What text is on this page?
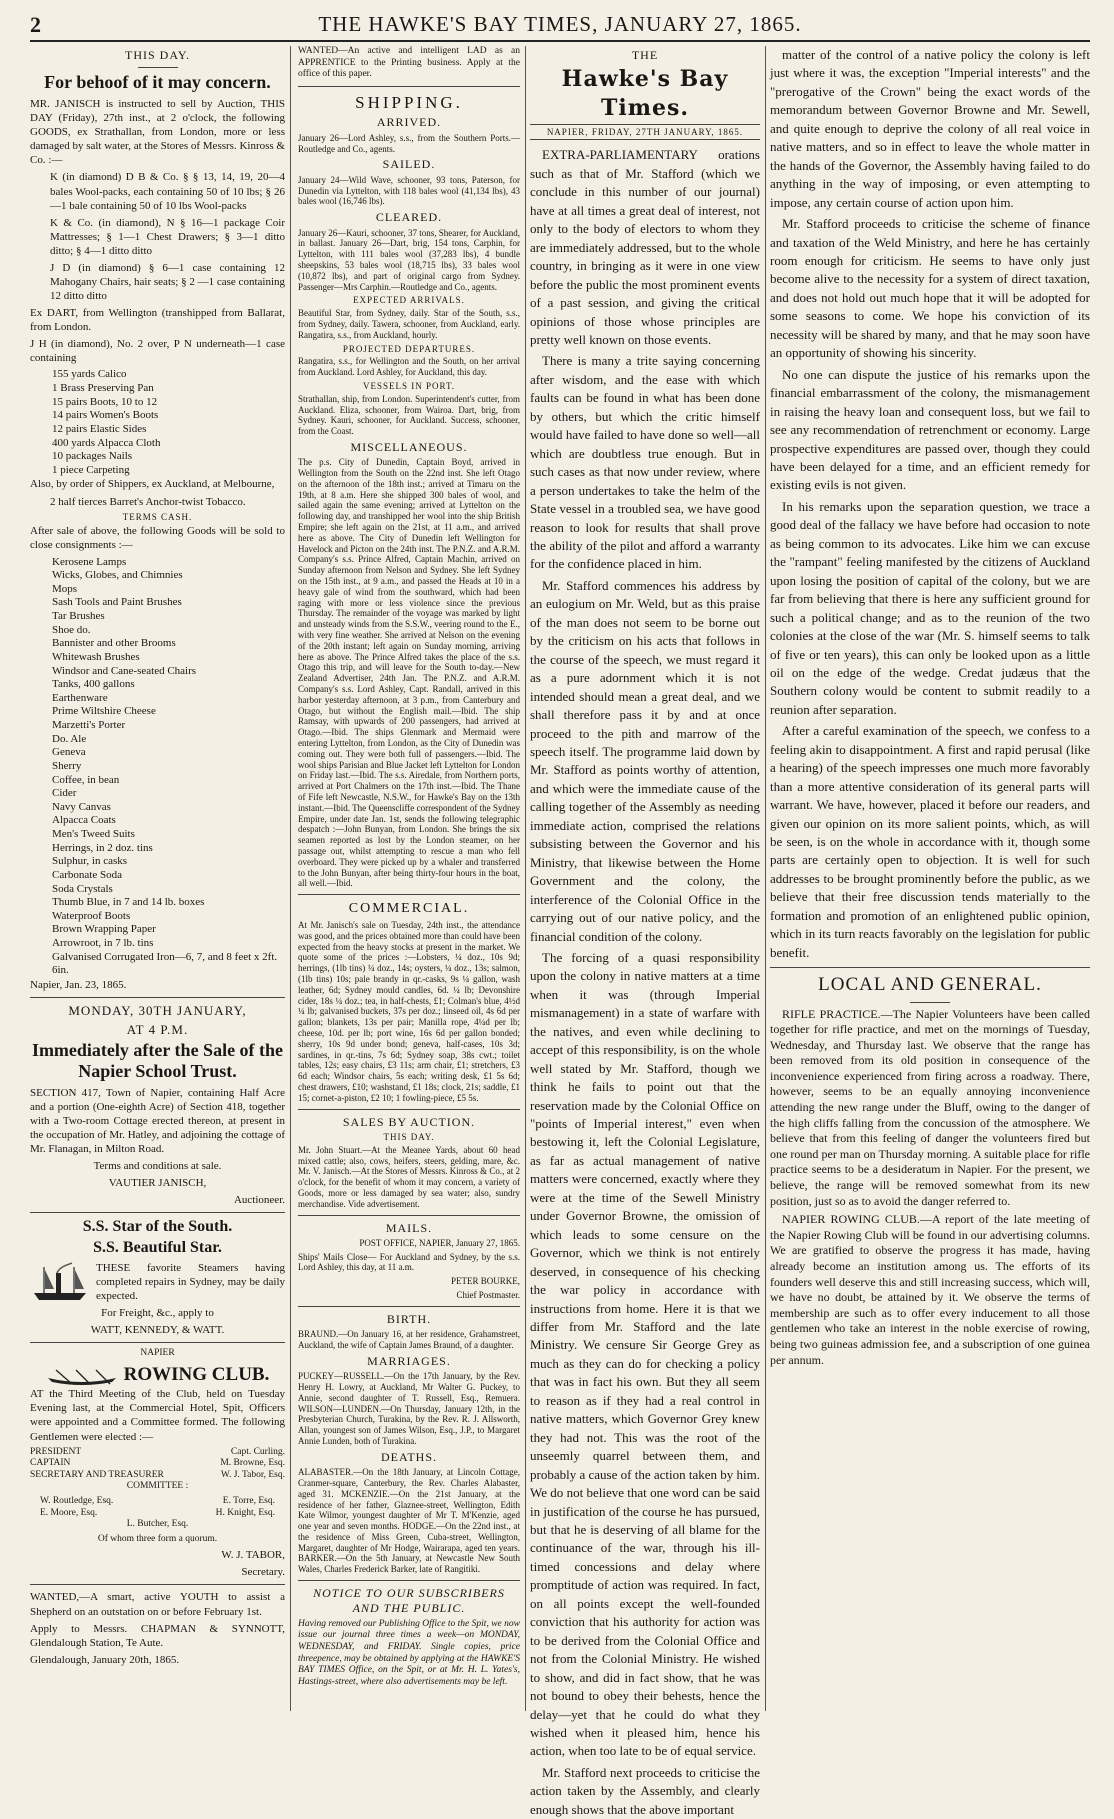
2	THE HAWKE'S BAY TIMES, JANUARY 27, 1865.
THIS DAY.
For behoof of it may concern.

MR. JANISCH is instructed to sell by Auction, THIS DAY (Friday), 27th inst., at 2 o'clock, the following GOODS, ex Strathallan, from London, more or less damaged by salt water, at the Stores of Messrs. Kinross & Co. :—

K (in diamond) D B & Co. § § 13, 14, 19, 20—4 bales Wool-packs, each containing 50 of 10 lbs; § 26—1 bale containing 50 of 10 lbs Wool-packs

K & Co. (in diamond), N § 16—1 package Coir Mattresses; § 1—1 Chest Drawers; § 3—1 ditto ditto; § 4—1 ditto ditto

J D (in diamond) § 6—1 case containing 12 Mahogany Chairs, hair seats; § 2 —1 case containing 12 ditto ditto

Ex DART, from Wellington (transhipped from Ballarat, from London.

J H (in diamond), No. 2 over, P N underneath—1 case containing

155 yards Calico
1 Brass Preserving Pan
15 pairs Boots, 10 to 12
14 pairs Women's Boots
12 pairs Elastic Sides
400 yards Alpacca Cloth
10 packages Nails
1 piece Carpeting

Also, by order of Shippers, ex Auckland, at Melbourne,

2 half tierces Barret's Anchor-twist Tobacco.

TERMS CASH.

After sale of above, the following Goods will be sold to close consignments :—

Kerosene Lamps
Wicks, Globes, and Chimnies
Mops
Sash Tools and Paint Brushes
Tar Brushes
Shoe do.
Bannister and other Brooms
Whitewash Brushes
Windsor and Cane-seated Chairs
Tanks, 400 gallons
Earthenware
Prime Wiltshire Cheese
Marzetti's Porter
Do. Ale
Geneva
Sherry
Coffee, in bean
Cider
Navy Canvas
Alpacca Coats
Men's Tweed Suits
Herrings, in 2 doz. tins
Sulphur, in casks
Carbonate Soda
Soda Crystals
Thumb Blue, in 7 and 14 lb. boxes
Waterproof Boots
Brown Wrapping Paper
Arrowroot, in 7 lb. tins
Galvanised Corrugated Iron—6, 7, and 8 feet x 2ft. 6in.

Napier, Jan. 23, 1865.

MONDAY, 30TH JANUARY,
AT 4 P.M.
Immediately after the Sale of the Napier School Trust.

SECTION 417, Town of Napier, containing Half Acre and a portion (One-eighth Acre) of Section 418, together with a Two-room Cottage erected thereon, at present in the occupation of Mr. Hatley, and adjoining the cottage of Mr. Flanagan, in Milton Road.

Terms and conditions at sale.

VAUTIER JANISCH,

Auctioneer.

S.S. Star of the South.
S.S. Beautiful Star.

THESE favorite Steamers having completed repairs in Sydney, may be daily expected.

For Freight, &c., apply to

WATT, KENNEDY, & WATT.

NAPIER

ROWING CLUB.

AT the Third Meeting of the Club, held on Tuesday Evening last, at the Commercial Hotel, Spit, Officers were appointed and a Committee formed. The following Gentlemen were elected :—

PRESIDENT	Capt. Curling.
CAPTAIN	M. Browne, Esq.
SECRETARY AND TREASURER	W. J. Tabor, Esq.

COMMITTEE :

W. Routledge, Esq.	E. Torre, Esq.
E. Moore, Esq.	H. Knight, Esq.

L. Butcher, Esq.

Of whom three form a quorum.

W. J. TABOR,

Secretary.

WANTED,—A smart, active YOUTH to assist a Shepherd on an outstation on or before February 1st.

Apply to Messrs. CHAPMAN & SYNNOTT, Glendalough Station, Te Aute.

Glendalough, January 20th, 1865.

WANTED—An active and intelligent LAD as an APPRENTICE to the Printing business. Apply at the office of this paper.

SHIPPING.
ARRIVED.

January 26—Lord Ashley, s.s., from the Southern Ports.—Routledge and Co., agents.

SAILED.

January 24—Wild Wave, schooner, 93 tons, Paterson, for Dunedin via Lyttelton, with 118 bales wool (41,134 lbs), 43 bales wool (16,746 lbs).

CLEARED.

January 26—Kauri, schooner, 37 tons, Shearer, for Auckland, in ballast. January 26—Dart, brig, 154 tons, Carphin, for Lyttelton, with 111 bales wool (37,283 lbs), 4 bundle sheepskins, 53 bales wool (18,715 lbs), 33 bales wool (10,872 lbs), and part of original cargo from Sydney. Passenger—Mrs Carphin.—Routledge and Co., agents.

EXPECTED ARRIVALS.

Beautiful Star, from Sydney, daily. Star of the South, s.s., from Sydney, daily. Tawera, schooner, from Auckland, early. Rangatira, s.s., from Auckland, hourly.

PROJECTED DEPARTURES.

Rangatira, s.s., for Wellington and the South, on her arrival from Auckland. Lord Ashley, for Auckland, this day.

VESSELS IN PORT.

Strathallan, ship, from London. Superintendent's cutter, from Auckland. Eliza, schooner, from Wairoa. Dart, brig, from Sydney. Kauri, schooner, for Auckland. Success, schooner, from the Coast.

MISCELLANEOUS.

The p.s. City of Dunedin, Captain Boyd, arrived in Wellington from the South on the 22nd inst. She left Otago on the afternoon of the 18th inst.; arrived at Timaru on the 19th, at 8 a.m. Here she shipped 300 bales of wool, and sailed again the same evening; arrived at Lyttelton on the following day, and transhipped her wool into the ship British Empire; she left again on the 21st, at 11 a.m., and arrived here as above. The City of Dunedin left Wellington for Havelock and Picton on the 24th inst. The P.N.Z. and A.R.M. Company's s.s. Prince Alfred, Captain Machin, arrived on Sunday afternoon from Nelson and Sydney. She left Sydney on the 15th inst., at 9 a.m., and passed the Heads at 10 in a heavy gale of wind from the southward, which had been raging with more or less violence since the previous Thursday. The remainder of the voyage was marked by light and unsteady winds from the S.S.W., veering round to the E., with very fine weather. She arrived at Nelson on the evening of the 20th instant; left again on Sunday morning, arriving here as above. The Prince Alfred takes the place of the s.s. Otago this trip, and will leave for the South to-day.—New Zealand Advertiser, 24th Jan. The P.N.Z. and A.R.M. Company's s.s. Lord Ashley, Capt. Randall, arrived in this harbor yesterday afternoon, at 3 p.m., from Canterbury and Otago, but without the English mail.—Ibid. The ship Ramsay, with upwards of 200 passengers, had arrived at Otago.—Ibid. The ships Glenmark and Mermaid were entering Lyttelton, from London, as the City of Dunedin was coming out. They were both full of passengers.—Ibid. The wool ships Parisian and Blue Jacket left Lyttelton for London on Friday last.—Ibid. The s.s. Airedale, from Northern ports, arrived at Port Chalmers on the 17th inst.—Ibid. The Thane of Fife left Newcastle, N.S.W., for Hawke's Bay on the 13th instant.—Ibid. The Queenscliffe correspondent of the Sydney Empire, under date Jan. 1st, sends the following telegraphic despatch :—John Bunyan, from London. She brings the six seamen reported as lost by the London steamer, on her passage out, whilst attempting to rescue a man who fell overboard. They were picked up by a whaler and transferred to the John Bunyan, after being thirty-four hours in the boat, all well.—Ibid.

COMMERCIAL.

At Mr. Janisch's sale on Tuesday, 24th inst., the attendance was good, and the prices obtained more than could have been expected from the heavy stocks at present in the market. We quote some of the prices :—Lobsters, ¼ doz., 10s 9d; herrings, (1lb tins) ¼ doz., 14s; oysters, ¼ doz., 13s; salmon, (1lb tins) 10s; pale brandy in qr.-casks, 9s ¼ gallon, wash leather, 6d; Sydney mould candles, 6d. ¼ lb; Devonshire cider, 18s ¼ doz.; tea, in half-chests, £1; Colman's blue, 4½d ¼ lb; galvanised buckets, 37s per doz.; linseed oil, 4s 6d per gallon; blankets, 13s per pair; Manilla rope, 4¼d per lb; cheese, 10d. per lb; port wine, 16s 6d per gallon bonded; sherry, 10s 9d under bond; geneva, half-cases, 10s 3d; sardines, in qr.-tins, 7s 6d; Sydney soap, 38s cwt.; toilet tables, 12s; easy chairs, £3 11s; arm chair, £1; stretchers, £3 6d each; Windsor chairs, 5s each; writing desk, £1 5s 6d; chest drawers, £10; washstand, £1 18s; clock, 21s; saddle, £1 15; cornet-a-piston, £2 10; 1 fowling-piece, £5 5s.

SALES BY AUCTION.
THIS DAY.

Mr. John Stuart.—At the Meanee Yards, about 60 head mixed cattle; also, cows, heifers, steers, gelding, mare, &c. Mr. V. Janisch.—At the Stores of Messrs. Kinross & Co., at 2 o'clock, for the benefit of whom it may concern, a variety of Goods, more or less damaged by sea water; also, sundry merchandise. Vide advertisement.

MAILS.

POST OFFICE, NAPIER, January 27, 1865.

Ships' Mails Close— For Auckland and Sydney, by the s.s. Lord Ashley, this day, at 11 a.m.

PETER BOURKE,

Chief Postmaster.

BIRTH.

BRAUND.—On January 16, at her residence, Grahamstreet, Auckland, the wife of Captain James Braund, of a daughter.

MARRIAGES.

PUCKEY—RUSSELL.—On the 17th January, by the Rev. Henry H. Lowry, at Auckland, Mr Walter G. Puckey, to Annie, second daughter of T. Russell, Esq., Remuera. WILSON—LUNDEN.—On Thursday, January 12th, in the Presbyterian Church, Turakina, by the Rev. R. J. Allsworth, Allan, youngest son of James Wilson, Esq., J.P., to Margaret Annie Lunden, both of Turakina.

DEATHS.

ALABASTER.—On the 18th January, at Lincoln Cottage, Cranmer-square, Canterbury, the Rev. Charles Alabaster, aged 31. MCKENZIE.—On the 21st January, at the residence of her father, Glaznee-street, Wellington, Edith Kate Wilmor, youngest daughter of Mr T. M'Kenzie, aged one year and seven months. HODGE.—On the 22nd inst., at the residence of Miss Green, Cuba-street, Wellington, Margaret, daughter of Mr Hodge, Wairarapa, aged ten years. BARKER.—On the 5th January, at Newcastle New South Wales, Charles Frederick Barker, late of Rangitiki.

NOTICE TO OUR SUBSCRIBERS AND THE PUBLIC.

Having removed our Publishing Office to the Spit, we now issue our journal three times a week—on MONDAY, WEDNESDAY, and FRIDAY. Single copies, price threepence, may be obtained by applying at the HAWKE'S BAY TIMES Office, on the Spit, or at Mr. H. L. Yates's, Hastings-street, where also advertisements may be left.

THE
Hawke's Bay Times.
NAPIER, FRIDAY, 27TH JANUARY, 1865.

EXTRA-PARLIAMENTARY orations such as that of Mr. Stafford (which we conclude in this number of our journal) have at all times a great deal of interest, not only to the body of electors to whom they are immediately addressed, but to the whole country, in bringing as it were in one view before the public the most prominent events of a past session, and giving the critical opinions of those whose principles are pretty well known on those events.

There is many a trite saying concerning after wisdom, and the ease with which faults can be found in what has been done by others, but which the critic himself would have failed to have done so well—all which are doubtless true enough. But in such cases as that now under review, where a person undertakes to take the helm of the State vessel in a troubled sea, we have good reason to look for results that shall prove the ability of the pilot and afford a warranty for the confidence placed in him.

Mr. Stafford commences his address by an eulogium on Mr. Weld, but as this praise of the man does not seem to be borne out by the criticism on his acts that follows in the course of the speech, we must regard it as a pure adornment which it is not intended should mean a great deal, and we shall therefore pass it by and at once proceed to the pith and marrow of the speech itself. The programme laid down by Mr. Stafford as points worthy of attention, and which were the immediate cause of the calling together of the Assembly as needing immediate action, comprised the relations subsisting between the Governor and his Ministry, that likewise between the Home Government and the colony, the interference of the Colonial Office in the carrying out of our native policy, and the financial condition of the colony.

The forcing of a quasi responsibility upon the colony in native matters at a time when it was (through Imperial mismanagement) in a state of warfare with the natives, and even while declining to accept of this responsibility, is on the whole well stated by Mr. Stafford, though we think he fails to point out that the reservation made by the Colonial Office on "points of Imperial interest," even when bestowing it, left the Colonial Legislature, as far as actual management of native matters were concerned, exactly where they were at the time of the Sewell Ministry under Governor Browne, the omission of which leads to some censure on the Governor, which we think is not entirely deserved, in consequence of his checking the war policy in accordance with instructions from home. Here it is that we differ from Mr. Stafford and the late Ministry. We censure Sir George Grey as much as they can do for checking a policy that was in fact his own. But they all seem to reason as if they had a real control in native matters, which Governor Grey knew they had not. This was the root of the unseemly quarrel between them, and probably a cause of the action taken by him. We do not believe that one word can be said in justification of the course he has pursued, but that he is deserving of all blame for the continuance of the war, through his ill-timed concessions and delay where promptitude of action was required. In fact, on all points except the well-founded conviction that his authority for action was to be derived from the Colonial Office and not from the Colonial Ministry. He wished to show, and did in fact show, that he was not bound to obey their behests, hence the delay—yet that he could do what they wished when it pleased him, hence his action, when too late to be of equal service.

Mr. Stafford next proceeds to criticise the action taken by the Assembly, and clearly enough shows that the above important

matter of the control of a native policy the colony is left just where it was, the exception "Imperial interests" and the "prerogative of the Crown" being the exact words of the memorandum between Governor Browne and Mr. Sewell, and quite enough to deprive the colony of all real voice in native matters, and so in effect to leave the whole matter in the hands of the Governor, the Assembly having failed to do anything in the way of imposing, or even attempting to impose, any certain course of action upon him.

Mr. Stafford proceeds to criticise the scheme of finance and taxation of the Weld Ministry, and here he has certainly room enough for criticism. He seems to have only just become alive to the necessity for a system of direct taxation, and does not hold out much hope that it will be adopted for some seasons to come. We hope his conviction of its necessity will be shared by many, and that he may soon have an opportunity of showing his sincerity.

No one can dispute the justice of his remarks upon the financial embarrassment of the colony, the mismanagement in raising the heavy loan and consequent loss, but we fail to see any recommendation of retrenchment or economy. Large prospective expenditures are passed over, though they could have been delayed for a time, and an efficient remedy for existing evils is not given.

In his remarks upon the separation question, we trace a good deal of the fallacy we have before had occasion to note as being common to its advocates. Like him we can excuse the "rampant" feeling manifested by the citizens of Auckland upon losing the position of capital of the colony, but we are far from believing that there is here any sufficient ground for such a political change; and as to the reunion of the two colonies at the close of the war (Mr. S. himself seems to talk of five or ten years), this can only be looked upon as a little oil on the edge of the wedge. Credat judæus that the Southern colony would be content to submit readily to a reunion after separation.

After a careful examination of the speech, we confess to a feeling akin to disappointment. A first and rapid perusal (like a hearing) of the speech impresses one much more favorably than a more attentive consideration of its general parts will warrant. We have, however, placed it before our readers, and given our opinion on its more salient points, which, as will be seen, is on the whole in accordance with it, though some parts are certainly open to objection. It is well for such addresses to be brought prominently before the public, as we believe that their free discussion tends materially to the formation and promotion of an enlightened public opinion, which in its turn reacts favorably on the legislation for public benefit.

LOCAL AND GENERAL.

RIFLE PRACTICE.—The Napier Volunteers have been called together for rifle practice, and met on the mornings of Tuesday, Wednesday, and Thursday last. We observe that the range has been removed from its old position in consequence of the inconvenience experienced from firing across a roadway. There, however, seems to be an equally annoying inconvenience attending the new range under the Bluff, owing to the danger of the high cliffs falling from the concussion of the atmosphere. We believe that from this feeling of danger the volunteers fired but one round per man on Thursday morning. A suitable place for rifle practice seems to be a desideratum in Napier. For the present, we believe, the range will be removed somewhat from its new position, just so as to avoid the danger referred to.

NAPIER ROWING CLUB.—A report of the late meeting of the Napier Rowing Club will be found in our advertising columns. We are gratified to observe the progress it has made, having already become an institution among us. The efforts of its founders well deserve this and still increasing success, which will, we have no doubt, be attained by it. We observe the terms of membership are such as to offer every inducement to all those gentlemen who take an interest in the noble exercise of rowing, being two guineas admission fee, and a subscription of one guinea per annum.
